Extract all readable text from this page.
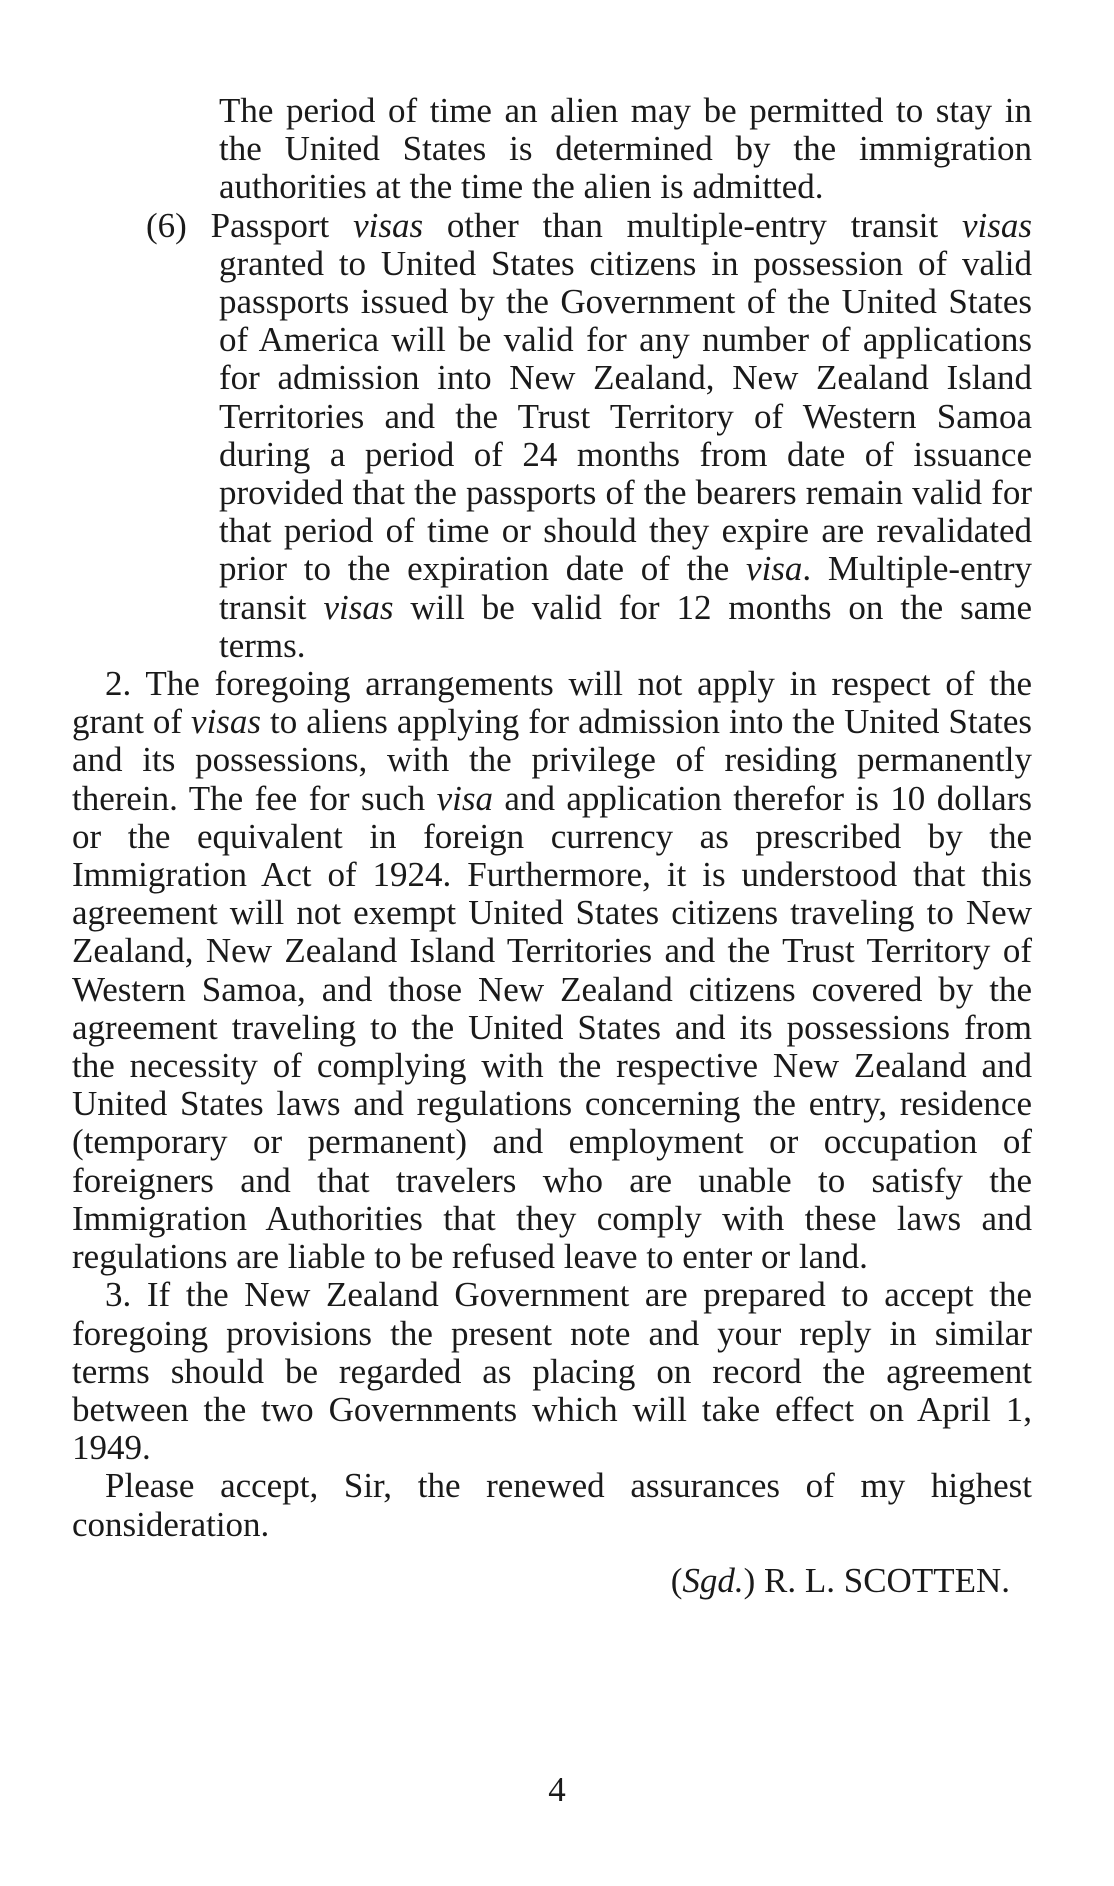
The period of time an alien may be permitted to stay in the United States is determined by the immigration authorities at the time the alien is admitted.

(6) Passport visas other than multiple-entry transit visas granted to United States citizens in possession of valid passports issued by the Government of the United States of America will be valid for any number of applications for admission into New Zealand, New Zealand Island Territories and the Trust Territory of Western Samoa during a period of 24 months from date of issuance provided that the passports of the bearers remain valid for that period of time or should they expire are revalidated prior to the expiration date of the visa. Multiple-entry transit visas will be valid for 12 months on the same terms.

2. The foregoing arrangements will not apply in respect of the grant of visas to aliens applying for admission into the United States and its possessions, with the privilege of residing permanently therein. The fee for such visa and application therefor is 10 dollars or the equivalent in foreign currency as prescribed by the Immigration Act of 1924. Furthermore, it is understood that this agreement will not exempt United States citizens traveling to New Zealand, New Zealand Island Territories and the Trust Territory of Western Samoa, and those New Zealand citizens covered by the agreement traveling to the United States and its possessions from the necessity of complying with the respective New Zealand and United States laws and regulations concerning the entry, residence (temporary or permanent) and employment or occupation of foreigners and that travelers who are unable to satisfy the Immigration Authorities that they comply with these laws and regulations are liable to be refused leave to enter or land.

3. If the New Zealand Government are prepared to accept the foregoing provisions the present note and your reply in similar terms should be regarded as placing on record the agreement between the two Governments which will take effect on April 1, 1949.

Please accept, Sir, the renewed assurances of my highest consideration.

(Sgd.) R. L. SCOTTEN.

4
